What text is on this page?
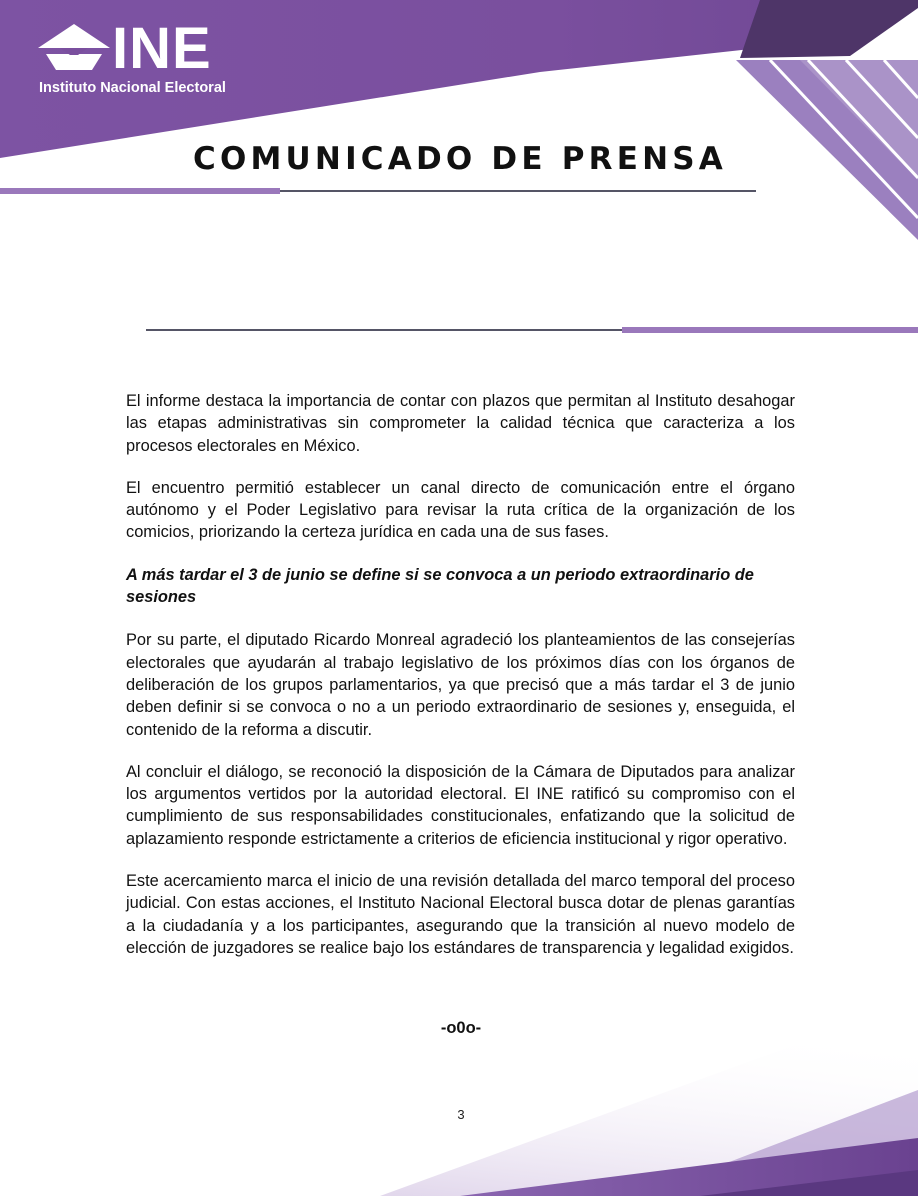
INE
Instituto Nacional Electoral
COMUNICADO DE PRENSA

El informe destaca la importancia de contar con plazos que permitan al Instituto desahogar las etapas administrativas sin comprometer la calidad técnica que caracteriza a los procesos electorales en México.

El encuentro permitió establecer un canal directo de comunicación entre el órgano autónomo y el Poder Legislativo para revisar la ruta crítica de la organización de los comicios, priorizando la certeza jurídica en cada una de sus fases.

A más tardar el 3 de junio se define si se convoca a un periodo extraordinario de sesiones

Por su parte, el diputado Ricardo Monreal agradeció los planteamientos de las consejerías electorales que ayudarán al trabajo legislativo de los próximos días con los órganos de deliberación de los grupos parlamentarios, ya que precisó que a más tardar el 3 de junio deben definir si se convoca o no a un periodo extraordinario de sesiones y, enseguida, el contenido de la reforma a discutir.

Al concluir el diálogo, se reconoció la disposición de la Cámara de Diputados para analizar los argumentos vertidos por la autoridad electoral. El INE ratificó su compromiso con el cumplimiento de sus responsabilidades constitucionales, enfatizando que la solicitud de aplazamiento responde estrictamente a criterios de eficiencia institucional y rigor operativo.

Este acercamiento marca el inicio de una revisión detallada del marco temporal del proceso judicial. Con estas acciones, el Instituto Nacional Electoral busca dotar de plenas garantías a la ciudadanía y a los participantes, asegurando que la transición al nuevo modelo de elección de juzgadores se realice bajo los estándares de transparencia y legalidad exigidos.

-o0o-
3
